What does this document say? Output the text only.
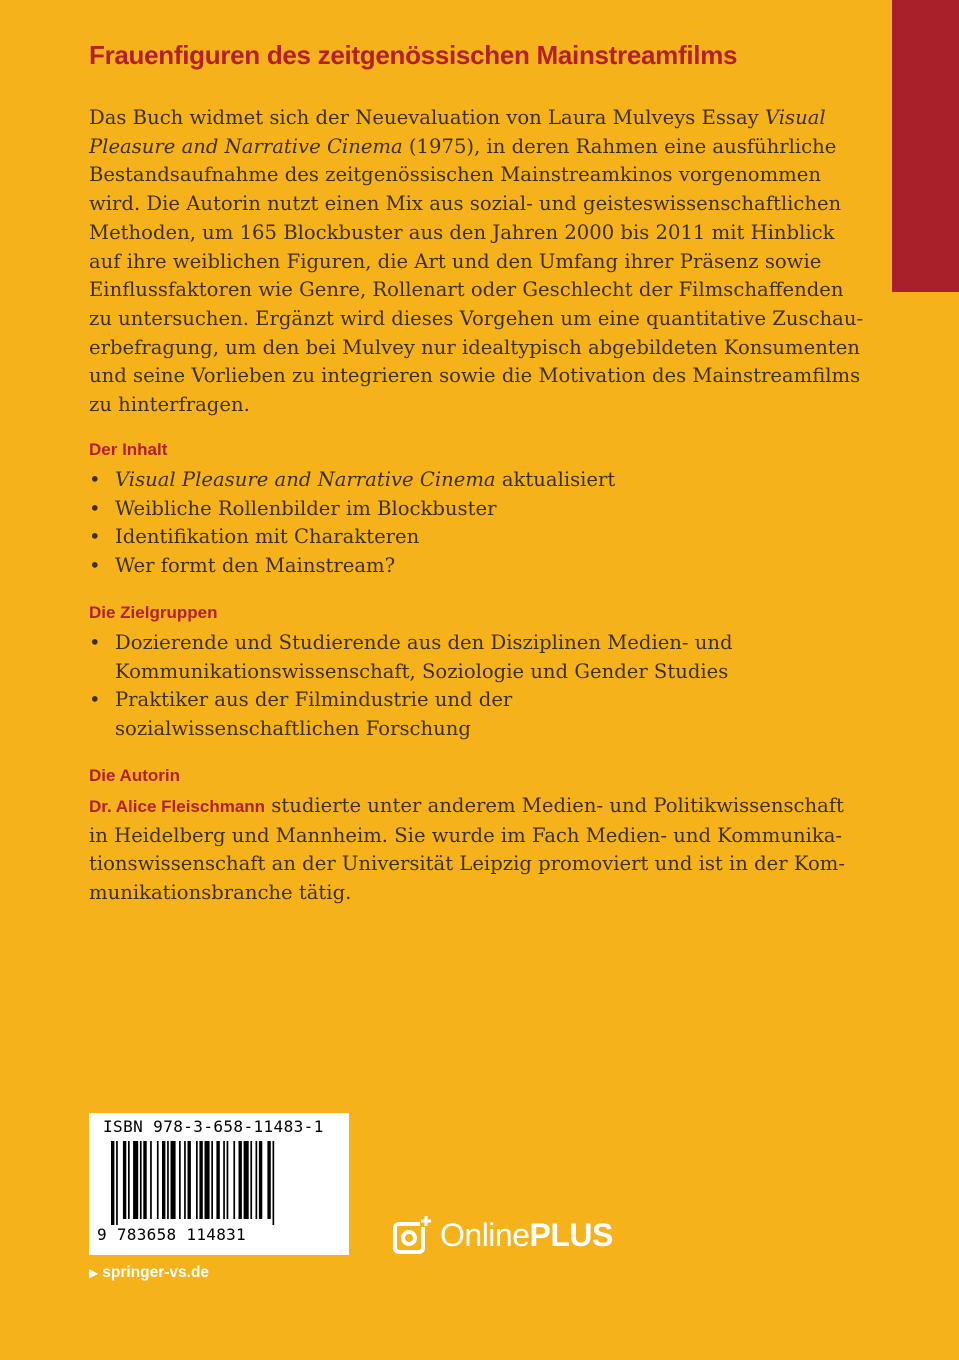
Frauenfiguren des zeitgenössischen Mainstreamfilms
Das Buch widmet sich der Neuevaluation von Laura Mulveys Essay Visual
Pleasure and Narrative Cinema (1975), in deren Rahmen eine ausführliche
Bestandsaufnahme des zeitgenössischen Mainstreamkinos vorgenommen
wird. Die Autorin nutzt einen Mix aus sozial- und geisteswissenschaftlichen
Methoden, um 165 Blockbuster aus den Jahren 2000 bis 2011 mit Hinblick
auf ihre weiblichen Figuren, die Art und den Umfang ihrer Präsenz sowie
Einflussfaktoren wie Genre, Rollenart oder Geschlecht der Filmschaffenden
zu untersuchen. Ergänzt wird dieses Vorgehen um eine quantitative Zuschau-
erbefragung, um den bei Mulvey nur idealtypisch abgebildeten Konsumenten
und seine Vorlieben zu integrieren sowie die Motivation des Mainstreamfilms
zu hinterfragen.
Der Inhalt
• Visual Pleasure and Narrative Cinema aktualisiert
• Weibliche Rollenbilder im Blockbuster
• Identifikation mit Charakteren
• Wer formt den Mainstream?
Die Zielgruppen
• Dozierende und Studierende aus den Disziplinen Medien- und
Kommunikationswissenschaft, Soziologie und Gender Studies
• Praktiker aus der Filmindustrie und der
sozialwissenschaftlichen Forschung
Die Autorin
Dr. Alice Fleischmann studierte unter anderem Medien- und Politikwissenschaft
in Heidelberg und Mannheim. Sie wurde im Fach Medien- und Kommunika-
tionswissenschaft an der Universität Leipzig promoviert und ist in der Kom-
munikationsbranche tätig.
ISBN 978-3-658-11483-1
9 783658 114831	OnlinePLUS
▶ springer-vs.de
